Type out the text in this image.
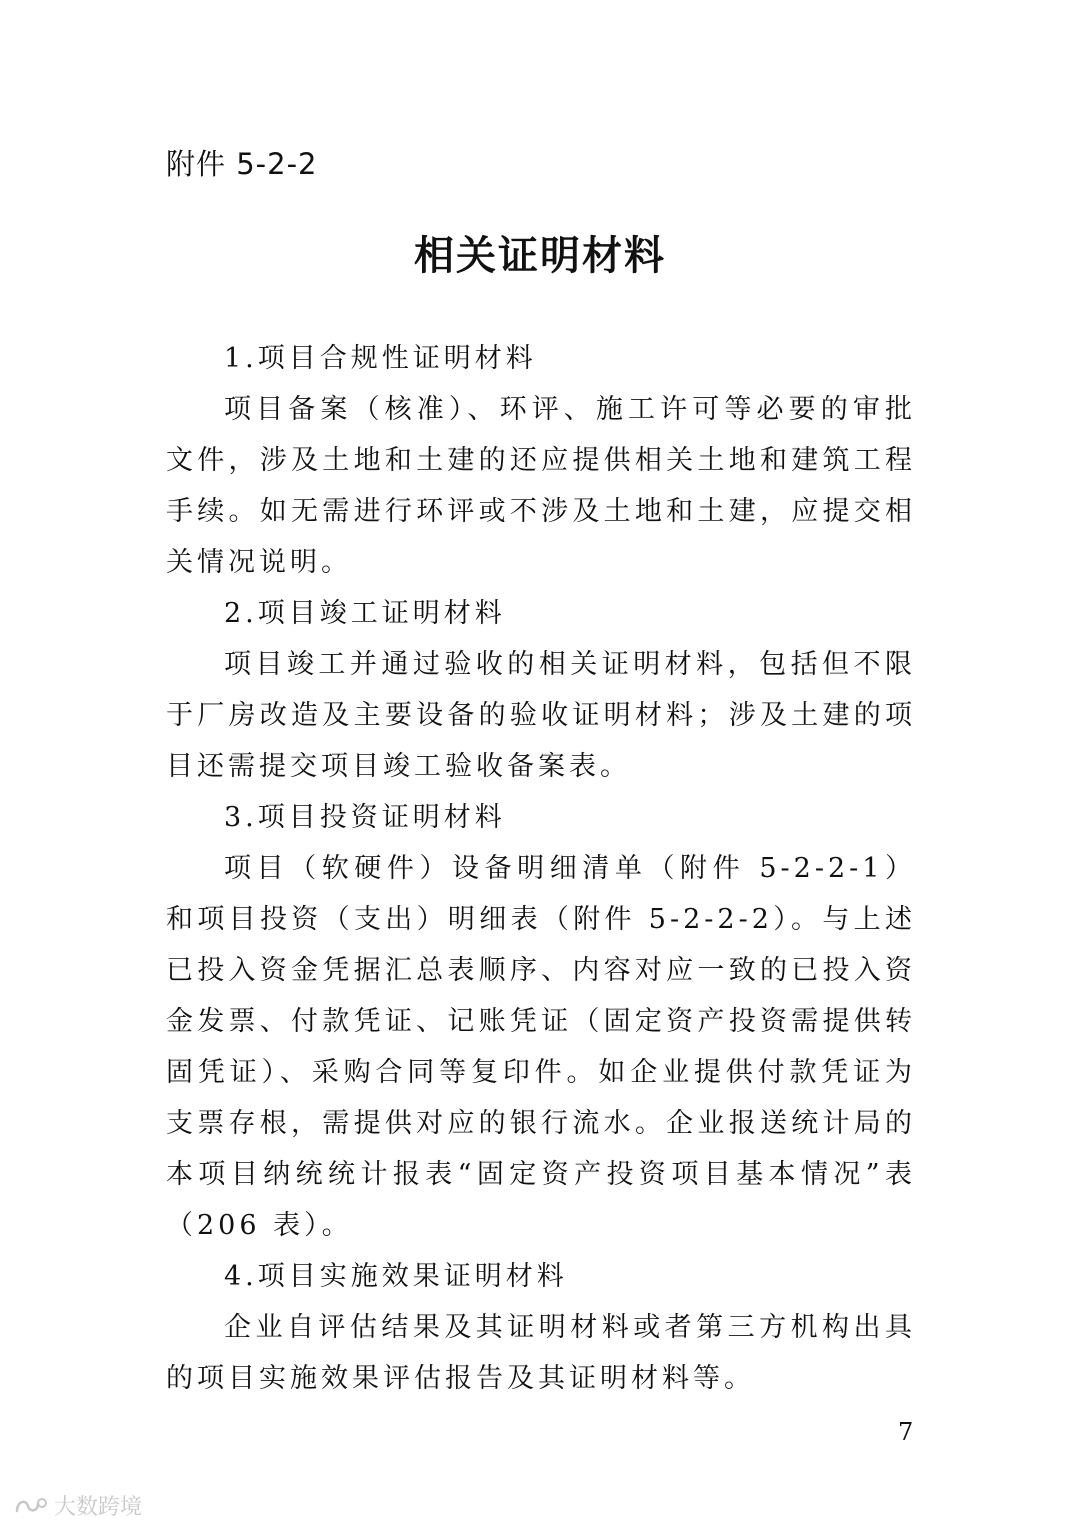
附件 5-2-2
相关证明材料

1.项目合规性证明材料

项目备案（核准）、环评、施工许可等必要的审批文件，涉及土地和土建的还应提供相关土地和建筑工程手续。如无需进行环评或不涉及土地和土建，应提交相关情况说明。

2.项目竣工证明材料

项目竣工并通过验收的相关证明材料，包括但不限于厂房改造及主要设备的验收证明材料；涉及土建的项目还需提交项目竣工验收备案表。

3.项目投资证明材料

项目（软硬件）设备明细清单（附件 5-2-2-1）和项目投资（支出）明细表（附件 5-2-2-2）。与上述已投入资金凭据汇总表顺序、内容对应一致的已投入资金发票、付款凭证、记账凭证（固定资产投资需提供转固凭证）、采购合同等复印件。如企业提供付款凭证为支票存根，需提供对应的银行流水。企业报送统计局的本项目纳统统计报表“固定资产投资项目基本情况”表（206 表）。

4.项目实施效果证明材料

企业自评估结果及其证明材料或者第三方机构出具的项目实施效果评估报告及其证明材料等。

7
大数跨境
